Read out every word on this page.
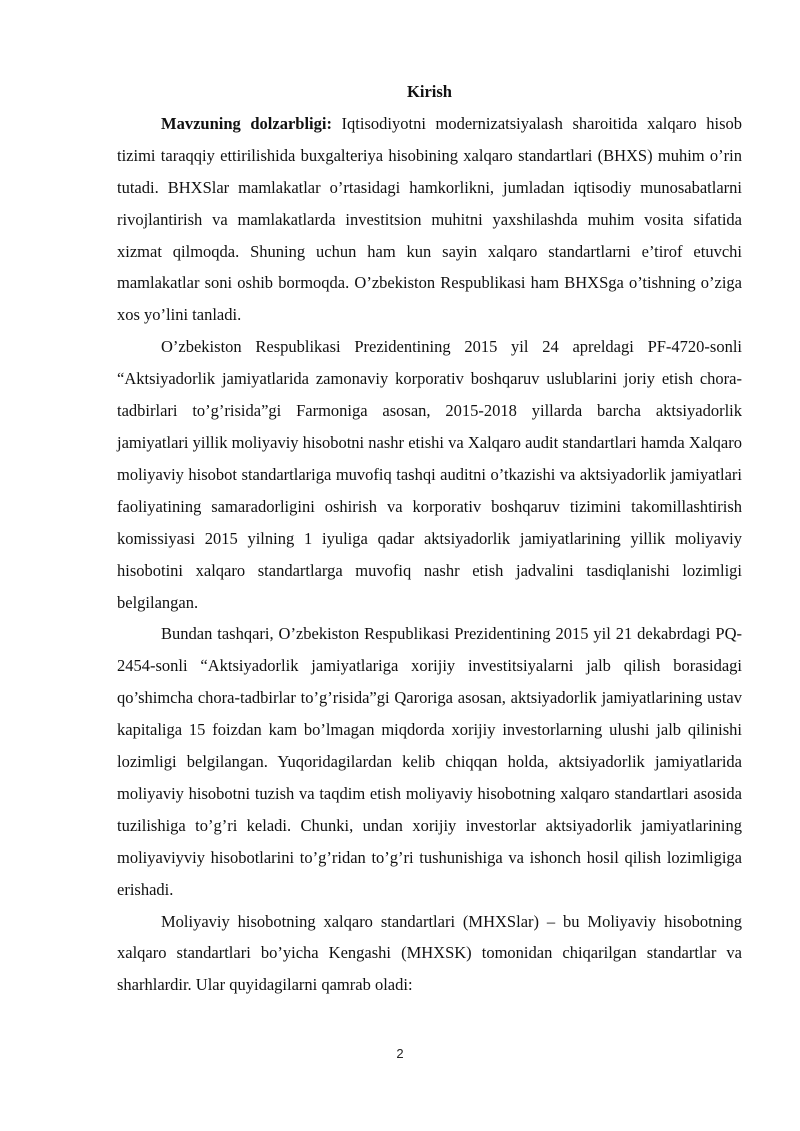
Kirish

Mavzuning dolzarbligi: Iqtisodiyotni modernizatsiyalash sharoitida xalqaro hisob tizimi taraqqiy ettirilishida buxgalteriya hisobining xalqaro standartlari (BHXS) muhim o’rin tutadi. BHXSlar mamlakatlar o’rtasidagi hamkorlikni, jumladan iqtisodiy munosabatlarni rivojlantirish va mamlakatlarda investitsion muhitni yaxshilashda muhim vosita sifatida xizmat qilmoqda. Shuning uchun ham kun sayin xalqaro standartlarni e’tirof etuvchi mamlakatlar soni oshib bormoqda. O’zbekiston Respublikasi ham BHXSga o’tishning o’ziga xos yo’lini tanladi.

O’zbekiston Respublikasi Prezidentining 2015 yil 24 apreldagi PF-4720-sonli “Aktsiyadorlik jamiyatlarida zamonaviy korporativ boshqaruv uslublarini joriy etish chora-tadbirlari to’g’risida”gi Farmoniga asosan, 2015-2018 yillarda barcha aktsiyadorlik jamiyatlari yillik moliyaviy hisobotni nashr etishi va Xalqaro audit standartlari hamda Xalqaro moliyaviy hisobot standartlariga muvofiq tashqi auditni o’tkazishi va aktsiyadorlik jamiyatlari faoliyatining samaradorligini oshirish va korporativ boshqaruv tizimini takomillashtirish komissiyasi 2015 yilning 1 iyuliga qadar aktsiyadorlik jamiyatlarining yillik moliyaviy hisobotini xalqaro standartlarga muvofiq nashr etish jadvalini tasdiqlanishi lozimligi belgilangan.

Bundan tashqari, O’zbekiston Respublikasi Prezidentining 2015 yil 21 dekabrdagi PQ-2454-sonli “Aktsiyadorlik jamiyatlariga xorijiy investitsiyalarni jalb qilish borasidagi qo’shimcha chora-tadbirlar to’g’risida”gi Qaroriga asosan, aktsiyadorlik jamiyatlarining ustav kapitaliga 15 foizdan kam bo’lmagan miqdorda xorijiy investorlarning ulushi jalb qilinishi lozimligi belgilangan. Yuqoridagilardan kelib chiqqan holda, aktsiyadorlik jamiyatlarida moliyaviy hisobotni tuzish va taqdim etish moliyaviy hisobotning xalqaro standartlari asosida tuzilishiga to’g’ri keladi. Chunki, undan xorijiy investorlar aktsiyadorlik jamiyatlarining moliyaviyviy hisobotlarini to’g’ridan to’g’ri tushunishiga va ishonch hosil qilish lozimligiga erishadi.

Moliyaviy hisobotning xalqaro standartlari (MHXSlar) – bu Moliyaviy hisobotning xalqaro standartlari bo’yicha Kengashi (MHXSK) tomonidan chiqarilgan standartlar va sharhlardir. Ular quyidagilarni qamrab oladi:

2
